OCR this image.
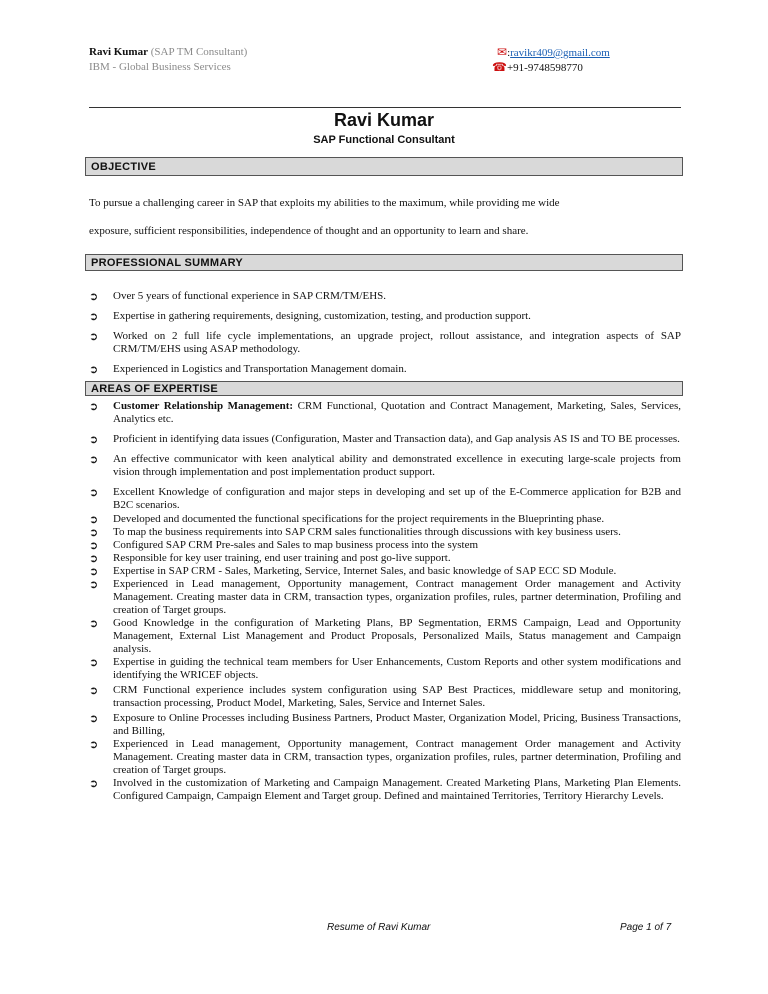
Ravi Kumar (SAP TM Consultant)
IBM - Global Business Services
✉:ravikr409@gmail.com
☎+91-9748598770
Ravi Kumar
SAP Functional Consultant
OBJECTIVE
To pursue a challenging career in SAP that exploits my abilities to the maximum, while providing me wide
exposure, sufficient responsibilities, independence of thought and an opportunity to learn and share.
PROFESSIONAL SUMMARY
➲ Over 5 years of functional experience in SAP CRM/TM/EHS.
➲ Expertise in gathering requirements, designing, customization, testing, and production support.
➲ Worked on 2 full life cycle implementations, an upgrade project, rollout assistance, and integration aspects of SAP CRM/TM/EHS using ASAP methodology.
➲ Experienced in Logistics and Transportation Management domain.
AREAS OF EXPERTISE
➲ Customer Relationship Management: CRM Functional, Quotation and Contract Management, Marketing, Sales, Services, Analytics etc.
➲ Proficient in identifying data issues (Configuration, Master and Transaction data), and Gap analysis AS IS and TO BE processes.
➲ An effective communicator with keen analytical ability and demonstrated excellence in executing large-scale projects from vision through implementation and post implementation product support.
➲ Excellent Knowledge of configuration and major steps in developing and set up of the E-Commerce application for B2B and B2C scenarios.
➲ Developed and documented the functional specifications for the project requirements in the Blueprinting phase.
➲ To map the business requirements into SAP CRM sales functionalities through discussions with key business users.
➲ Configured SAP CRM Pre-sales and Sales to map business process into the system
➲ Responsible for key user training, end user training and post go-live support.
➲ Expertise in SAP CRM - Sales, Marketing, Service, Internet Sales, and basic knowledge of SAP ECC SD Module.
➲ Experienced in Lead management, Opportunity management, Contract management Order management and Activity Management. Creating master data in CRM, transaction types, organization profiles, rules, partner determination, Profiling and creation of Target groups.
➲ Good Knowledge in the configuration of Marketing Plans, BP Segmentation, ERMS Campaign, Lead and Opportunity Management, External List Management and Product Proposals, Personalized Mails, Status management and Campaign analysis.
➲ Expertise in guiding the technical team members for User Enhancements, Custom Reports and other system modifications and identifying the WRICEF objects.
➲ CRM Functional experience includes system configuration using SAP Best Practices, middleware setup and monitoring, transaction processing, Product Model, Marketing, Sales, Service and Internet Sales.
➲ Exposure to Online Processes including Business Partners, Product Master, Organization Model, Pricing, Business Transactions, and Billing,
➲ Experienced in Lead management, Opportunity management, Contract management Order management and Activity Management. Creating master data in CRM, transaction types, organization profiles, rules, partner determination, Profiling and creation of Target groups.
➲ Involved in the customization of Marketing and Campaign Management. Created Marketing Plans, Marketing Plan Elements. Configured Campaign, Campaign Element and Target group. Defined and maintained Territories, Territory Hierarchy Levels.
Resume of Ravi Kumar	Page 1 of 7
